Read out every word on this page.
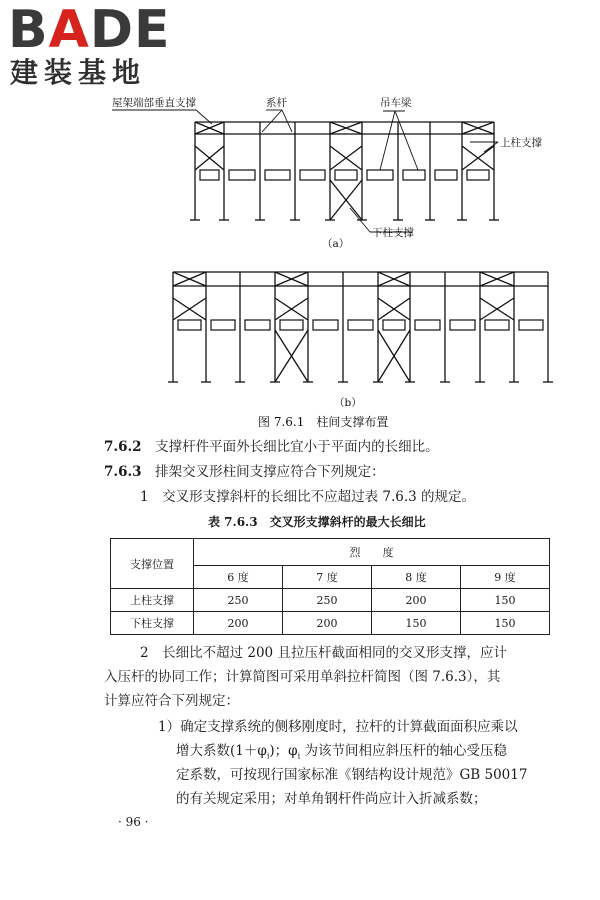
BADE
建装基地
屋架端部垂直支撑	系杆	吊车梁
上柱支撑
下柱支撑
（a）
（b）
图 7.6.1　柱间支撑布置
7.6.2　 支撑杆件平面外长细比宜小于平面内的长细比。
7.6.3　 排架交叉形柱间支撑应符合下列规定：
1　交叉形支撑斜杆的长细比不应超过表 7.6.3 的规定。
表 7.6.3　交叉形支撑斜杆的最大长细比
支撑位置	烈　　度			
	6 度	7 度	8 度	9 度
上柱支撑	250	250	200	150
下柱支撑	200	200	150	150
2　长细比不超过 200 且拉压杆截面相同的交叉形支撑，应计
入压杆的协同工作；计算简图可采用单斜拉杆简图（图 7.6.3），其
计算应符合下列规定：
1）确定支撑系统的侧移刚度时，拉杆的计算截面面积应乘以
增大系数$(1+\varphi_i)$；$\varphi_i$ 为该节间相应斜压杆的轴心受压稳
定系数，可按现行国家标准《钢结构设计规范》GB 50017
的有关规定采用；对单角钢杆件尚应计入折减系数；
· 96 ·
